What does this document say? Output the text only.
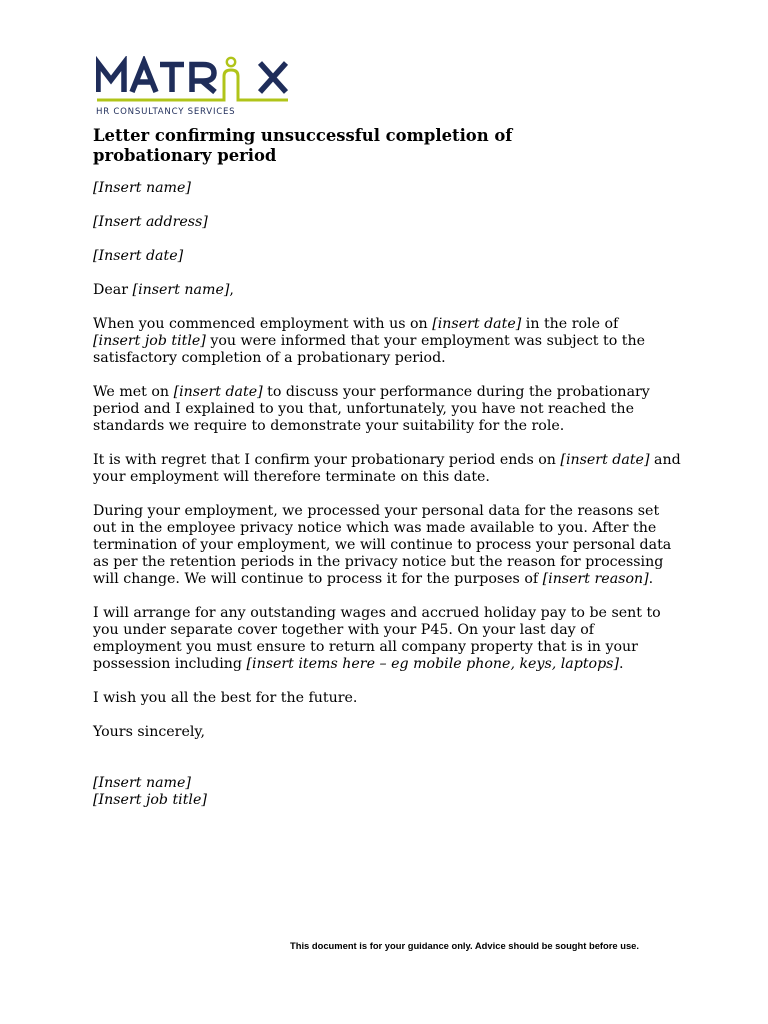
HR CONSULTANCY SERVICES
Letter confirming unsuccessful completion of
probationary period

[Insert name]

[Insert address]

[Insert date]

Dear [insert name],

When you commenced employment with us on [insert date] in the role of
[insert job title] you were informed that your employment was subject to the satisfactory completion of a probationary period.

We met on [insert date] to discuss your performance during the probationary period and I explained to you that, unfortunately, you have not reached the standards we require to demonstrate your suitability for the role.

It is with regret that I confirm your probationary period ends on [insert date] and your employment will therefore terminate on this date.

During your employment, we processed your personal data for the reasons set out in the employee privacy notice which was made available to you. After the termination of your employment, we will continue to process your personal data as per the retention periods in the privacy notice but the reason for processing will change. We will continue to process it for the purposes of [insert reason].

I will arrange for any outstanding wages and accrued holiday pay to be sent to you under separate cover together with your P45. On your last day of employment you must ensure to return all company property that is in your possession including [insert items here – eg mobile phone, keys, laptops].

I wish you all the best for the future.

Yours sincerely,

[Insert name]

[Insert job title]

This document is for your guidance only. Advice should be sought before use.
